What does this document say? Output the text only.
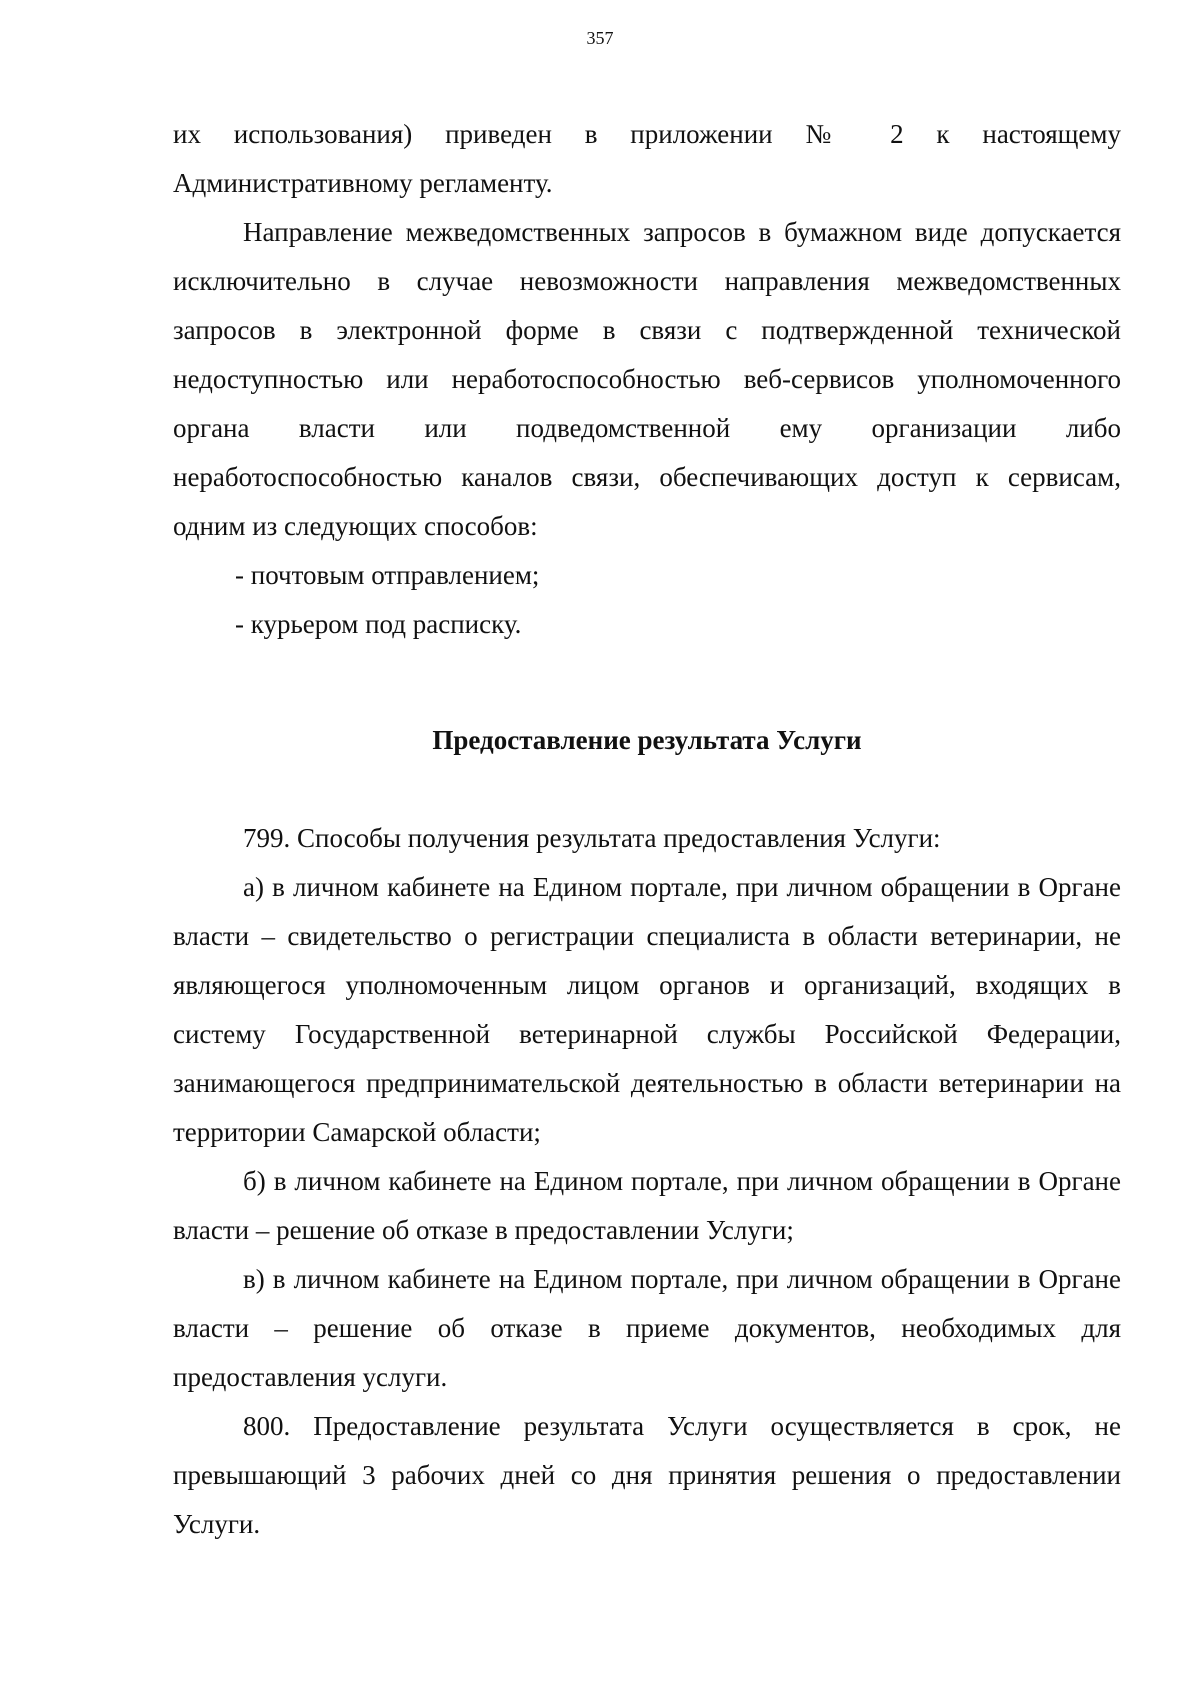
357

их использования) приведен в приложении № 2 к настоящему Административному регламенту.

Направление межведомственных запросов в бумажном виде допускается исключительно в случае невозможности направления межведомственных запросов в электронной форме в связи с подтвержденной технической недоступностью или неработоспособностью веб-сервисов уполномоченного органа власти или подведомственной ему организации либо неработоспособностью каналов связи, обеспечивающих доступ к сервисам, одним из следующих способов:

- почтовым отправлением;

- курьером под расписку.

Предоставление результата Услуги

799. Способы получения результата предоставления Услуги:

а) в личном кабинете на Едином портале, при личном обращении в Органе власти – свидетельство о регистрации специалиста в области ветеринарии, не являющегося уполномоченным лицом органов и организаций, входящих в систему Государственной ветеринарной службы Российской Федерации, занимающегося предпринимательской деятельностью в области ветеринарии на территории Самарской области;

б) в личном кабинете на Едином портале, при личном обращении в Органе власти – решение об отказе в предоставлении Услуги;

в) в личном кабинете на Едином портале, при личном обращении в Органе власти – решение об отказе в приеме документов, необходимых для предоставления услуги.

800. Предоставление результата Услуги осуществляется в срок, не превышающий 3 рабочих дней со дня принятия решения о предоставлении Услуги.
